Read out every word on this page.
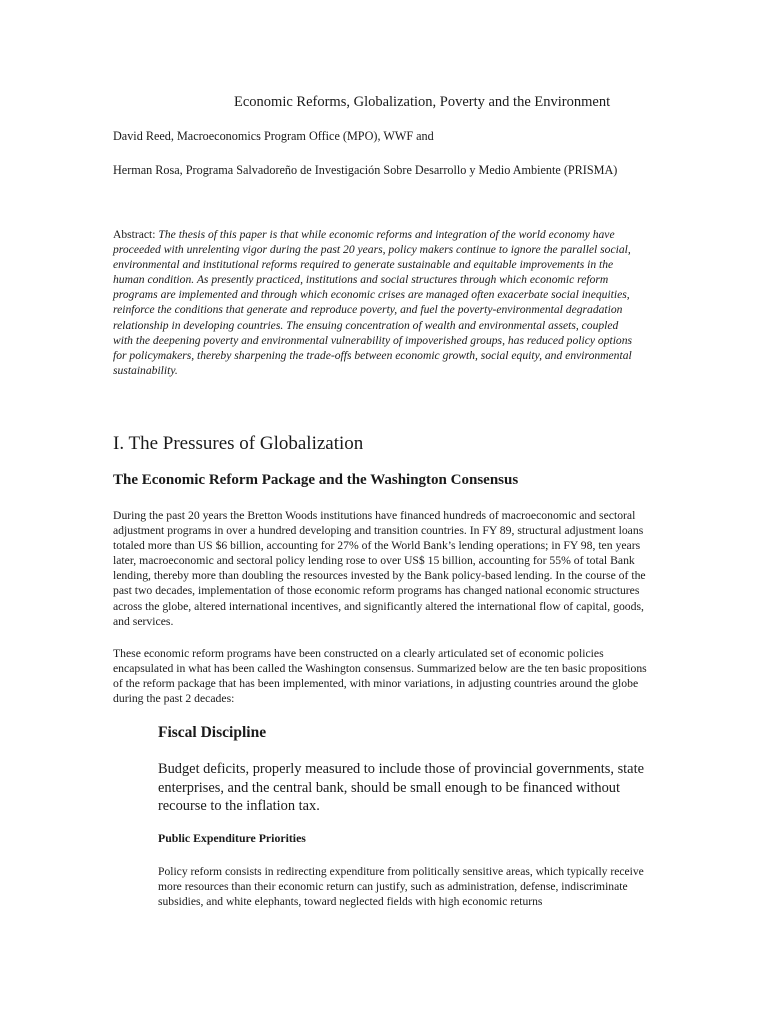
Economic Reforms, Globalization, Poverty and the Environment
David Reed, Macroeconomics Program Office (MPO), WWF and
Herman Rosa, Programa Salvadoreño de Investigación Sobre Desarrollo y Medio Ambiente (PRISMA)

Abstract: The thesis of this paper is that while economic reforms and integration of the world economy have proceeded with unrelenting vigor during the past 20 years, policy makers continue to ignore the parallel social, environmental and institutional reforms required to generate sustainable and equitable improvements in the human condition. As presently practiced, institutions and social structures through which economic reform programs are implemented and through which economic crises are managed often exacerbate social inequities, reinforce the conditions that generate and reproduce poverty, and fuel the poverty-environmental degradation relationship in developing countries. The ensuing concentration of wealth and environmental assets, coupled with the deepening poverty and environmental vulnerability of impoverished groups, has reduced policy options for policymakers, thereby sharpening the trade-offs between economic growth, social equity, and environmental sustainability.

I. The Pressures of Globalization
The Economic Reform Package and the Washington Consensus

During the past 20 years the Bretton Woods institutions have financed hundreds of macroeconomic and sectoral adjustment programs in over a hundred developing and transition countries. In FY 89, structural adjustment loans totaled more than US $6 billion, accounting for 27% of the World Bank’s lending operations; in FY 98, ten years later, macroeconomic and sectoral policy lending rose to over US$ 15 billion, accounting for 55% of total Bank lending, thereby more than doubling the resources invested by the Bank policy-based lending. In the course of the past two decades, implementation of those economic reform programs has changed national economic structures across the globe, altered international incentives, and significantly altered the international flow of capital, goods, and services.

These economic reform programs have been constructed on a clearly articulated set of economic policies encapsulated in what has been called the Washington consensus. Summarized below are the ten basic propositions of the reform package that has been implemented, with minor variations, in adjusting countries around the globe during the past 2 decades:

Fiscal Discipline

Budget deficits, properly measured to include those of provincial governments, state enterprises, and the central bank, should be small enough to be financed without recourse to the inflation tax.

Public Expenditure Priorities

Policy reform consists in redirecting expenditure from politically sensitive areas, which typically receive more resources than their economic return can justify, such as administration, defense, indiscriminate subsidies, and white elephants, toward neglected fields with high economic returns
